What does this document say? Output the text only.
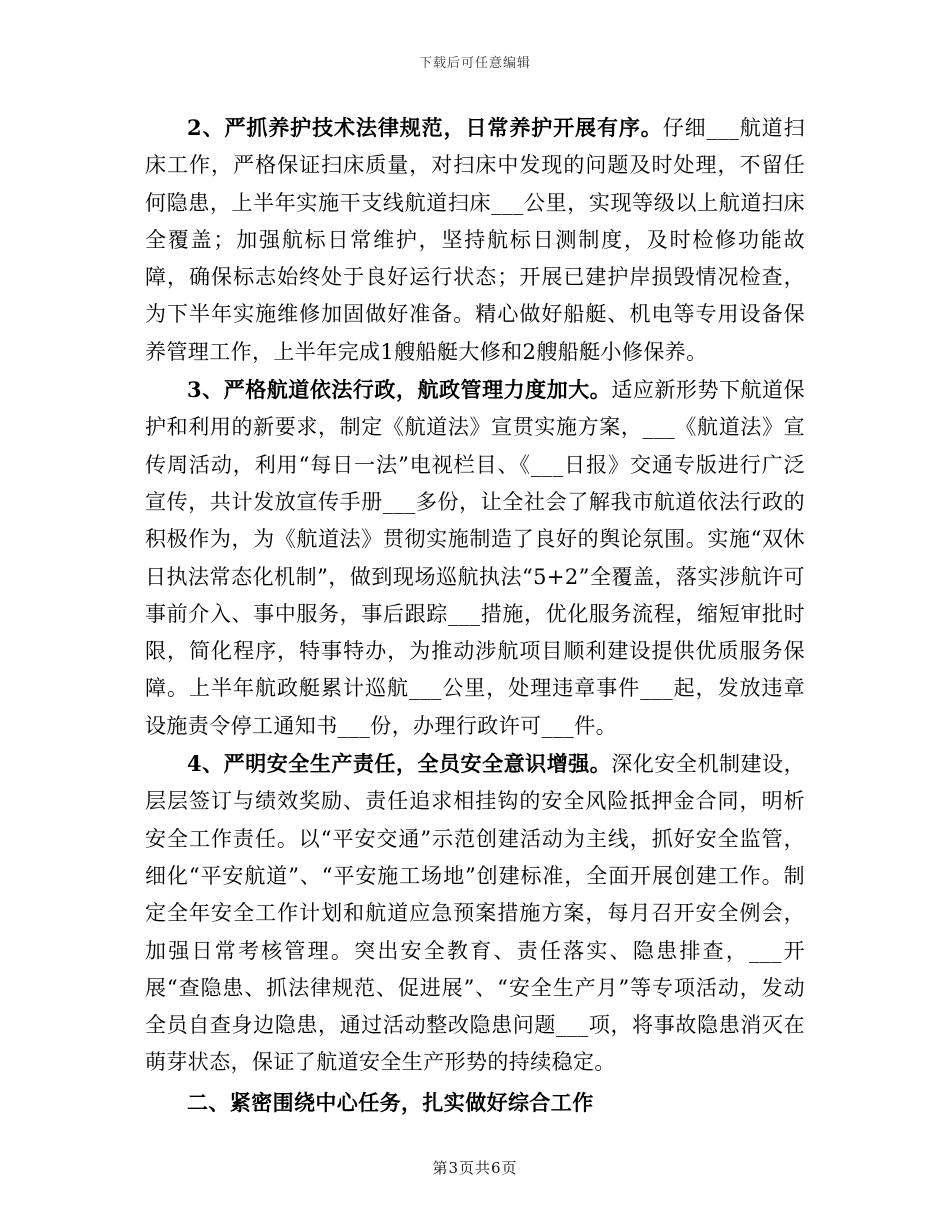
下载后可任意编辑

2、严抓养护技术法律规范，日常养护开展有序。仔细___航道扫床工作，严格保证扫床质量，对扫床中发现的问题及时处理，不留任何隐患，上半年实施干支线航道扫床___公里，实现等级以上航道扫床全覆盖；加强航标日常维护，坚持航标日测制度，及时检修功能故障，确保标志始终处于良好运行状态；开展已建护岸损毁情况检查，为下半年实施维修加固做好准备。精心做好船艇、机电等专用设备保养管理工作，上半年完成1艘船艇大修和2艘船艇小修保养。

3、严格航道依法行政，航政管理力度加大。适应新形势下航道保护和利用的新要求，制定《航道法》宣贯实施方案，___《航道法》宣传周活动，利用“每日一法”电视栏目、《___日报》交通专版进行广泛宣传，共计发放宣传手册___多份，让全社会了解我市航道依法行政的积极作为，为《航道法》贯彻实施制造了良好的舆论氛围。实施“双休日执法常态化机制”，做到现场巡航执法“5+2”全覆盖，落实涉航许可事前介入、事中服务，事后跟踪___措施，优化服务流程，缩短审批时限，简化程序，特事特办，为推动涉航项目顺利建设提供优质服务保障。上半年航政艇累计巡航___公里，处理违章事件___起，发放违章设施责令停工通知书___份，办理行政许可___件。

4、严明安全生产责任，全员安全意识增强。深化安全机制建设，层层签订与绩效奖励、责任追求相挂钩的安全风险抵押金合同，明析安全工作责任。以“平安交通”示范创建活动为主线，抓好安全监管，细化“平安航道”、“平安施工场地”创建标准，全面开展创建工作。制定全年安全工作计划和航道应急预案措施方案，每月召开安全例会，加强日常考核管理。突出安全教育、责任落实、隐患排查，___开展“查隐患、抓法律规范、促进展”、“安全生产月”等专项活动，发动全员自查身边隐患，通过活动整改隐患问题___项，将事故隐患消灭在萌芽状态，保证了航道安全生产形势的持续稳定。

二、紧密围绕中心任务，扎实做好综合工作

第3页共6页
